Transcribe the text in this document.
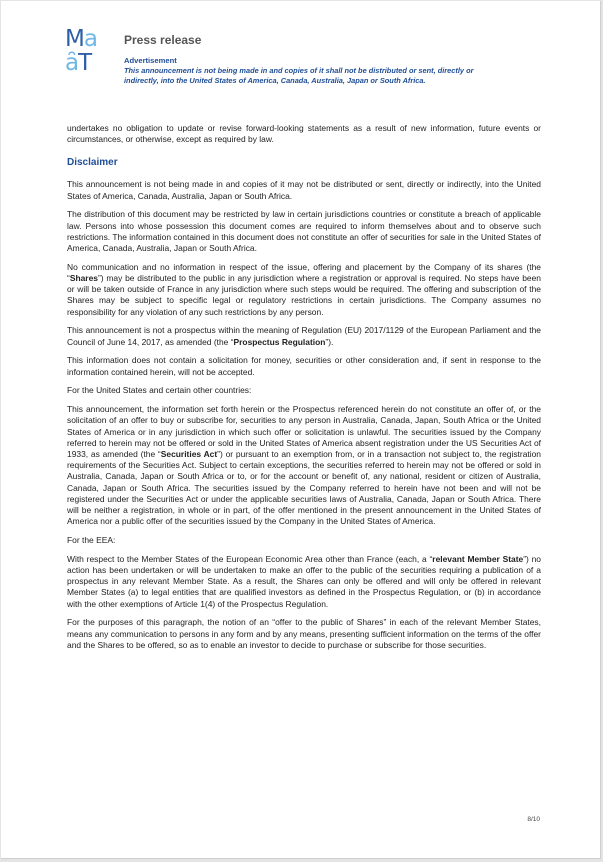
Ma
ȃT
Press release
Advertisement
This announcement is not being made in and copies of it shall not be distributed or sent, directly or indirectly, into the United States of America, Canada, Australia, Japan or South Africa.

undertakes no obligation to update or revise forward-looking statements as a result of new information, future events or circumstances, or otherwise, except as required by law.

Disclaimer

This announcement is not being made in and copies of it may not be distributed or sent, directly or indirectly, into the United States of America, Canada, Australia, Japan or South Africa.

The distribution of this document may be restricted by law in certain jurisdictions countries or constitute a breach of applicable law. Persons into whose possession this document comes are required to inform themselves about and to observe such restrictions. The information contained in this document does not constitute an offer of securities for sale in the United States of America, Canada, Australia, Japan or South Africa.

No communication and no information in respect of the issue, offering and placement by the Company of its shares (the “Shares”) may be distributed to the public in any jurisdiction where a registration or approval is required. No steps have been or will be taken outside of France in any jurisdiction where such steps would be required. The offering and subscription of the Shares may be subject to specific legal or regulatory restrictions in certain jurisdictions. The Company assumes no responsibility for any violation of any such restrictions by any person.

This announcement is not a prospectus within the meaning of Regulation (EU) 2017/1129 of the European Parliament and the Council of June 14, 2017, as amended (the “Prospectus Regulation”).

This information does not contain a solicitation for money, securities or other consideration and, if sent in response to the information contained herein, will not be accepted.

For the United States and certain other countries:

This announcement, the information set forth herein or the Prospectus referenced herein do not constitute an offer of, or the solicitation of an offer to buy or subscribe for, securities to any person in Australia, Canada, Japan, South Africa or the United States of America or in any jurisdiction in which such offer or solicitation is unlawful. The securities issued by the Company referred to herein may not be offered or sold in the United States of America absent registration under the US Securities Act of 1933, as amended (the “Securities Act”) or pursuant to an exemption from, or in a transaction not subject to, the registration requirements of the Securities Act. Subject to certain exceptions, the securities referred to herein may not be offered or sold in Australia, Canada, Japan or South Africa or to, or for the account or benefit of, any national, resident or citizen of Australia, Canada, Japan or South Africa. The securities issued by the Company referred to herein have not been and will not be registered under the Securities Act or under the applicable securities laws of Australia, Canada, Japan or South Africa. There will be neither a registration, in whole or in part, of the offer mentioned in the present announcement in the United States of America nor a public offer of the securities issued by the Company in the United States of America.

For the EEA:

With respect to the Member States of the European Economic Area other than France (each, a “relevant Member State”) no action has been undertaken or will be undertaken to make an offer to the public of the securities requiring a publication of a prospectus in any relevant Member State. As a result, the Shares can only be offered and will only be offered in relevant Member States (a) to legal entities that are qualified investors as defined in the Prospectus Regulation, or (b) in accordance with the other exemptions of Article 1(4) of the Prospectus Regulation.

For the purposes of this paragraph, the notion of an “offer to the public of Shares” in each of the relevant Member States, means any communication to persons in any form and by any means, presenting sufficient information on the terms of the offer and the Shares to be offered, so as to enable an investor to decide to purchase or subscribe for those securities.

8/10
